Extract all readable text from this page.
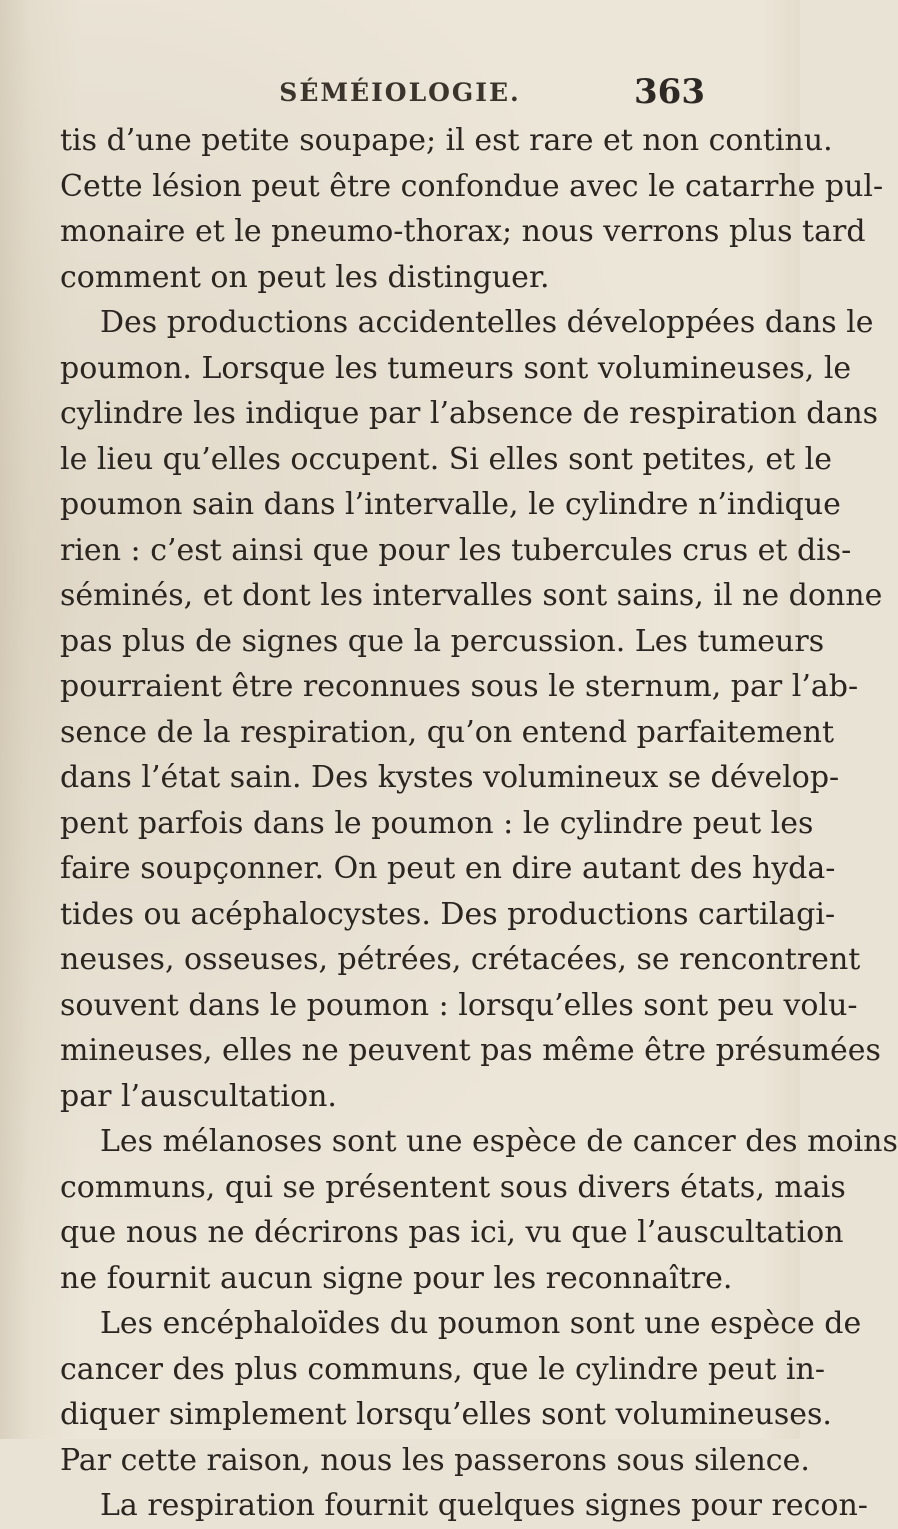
SÉMÉIOLOGIE.	363
tis d’une petite soupape; il est rare et non continu.
Cette lésion peut être confondue avec le catarrhe pul-
monaire et le pneumo-thorax; nous verrons plus tard
comment on peut les distinguer.
Des productions accidentelles développées dans le
poumon. Lorsque les tumeurs sont volumineuses, le
cylindre les indique par l’absence de respiration dans
le lieu qu’elles occupent. Si elles sont petites, et le
poumon sain dans l’intervalle, le cylindre n’indique
rien : c’est ainsi que pour les tubercules crus et dis-
séminés, et dont les intervalles sont sains, il ne donne
pas plus de signes que la percussion. Les tumeurs
pourraient être reconnues sous le sternum, par l’ab-
sence de la respiration, qu’on entend parfaitement
dans l’état sain. Des kystes volumineux se dévelop-
pent parfois dans le poumon : le cylindre peut les
faire soupçonner. On peut en dire autant des hyda-
tides ou acéphalocystes. Des productions cartilagi-
neuses, osseuses, pétrées, crétacées, se rencontrent
souvent dans le poumon : lorsqu’elles sont peu volu-
mineuses, elles ne peuvent pas même être présumées
par l’auscultation.
Les mélanoses sont une espèce de cancer des moins
communs, qui se présentent sous divers états, mais
que nous ne décrirons pas ici, vu que l’auscultation
ne fournit aucun signe pour les reconnaître.
Les encéphaloïdes du poumon sont une espèce de
cancer des plus communs, que le cylindre peut in-
diquer simplement lorsqu’elles sont volumineuses.
Par cette raison, nous les passerons sous silence.
La respiration fournit quelques signes pour recon-
